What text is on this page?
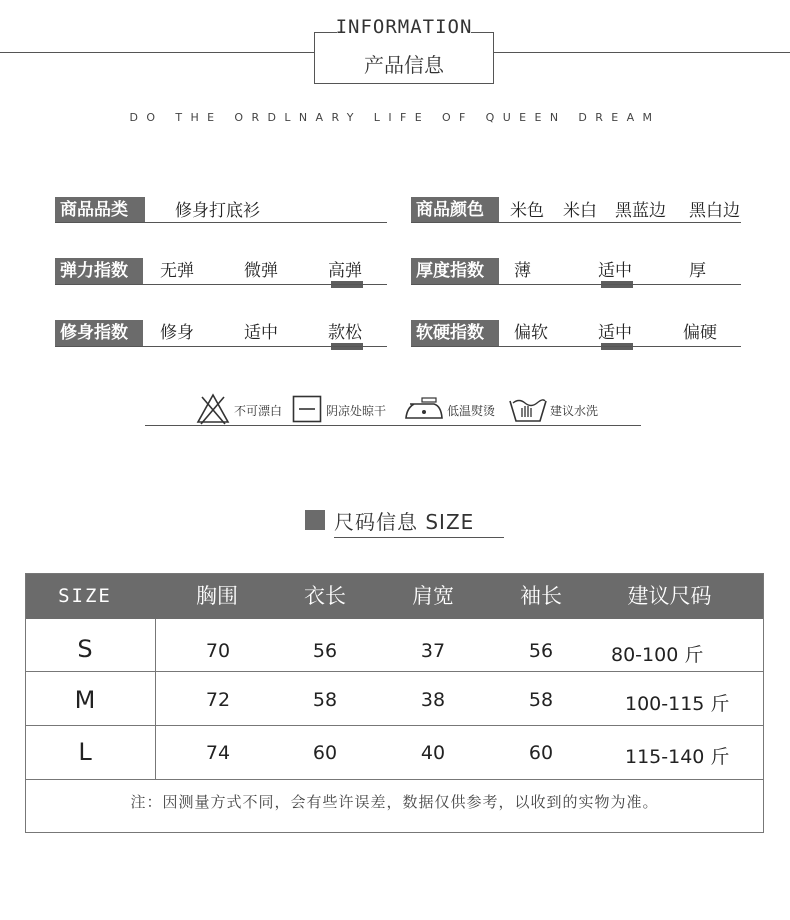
INFORMATION
产品信息
DO THE ORDLNARY LIFE OF QUEEN DREAM
商品品类	修身打底衫	商品颜色	米色 米白 黑蓝边 黑白边
弹力指数	无弹	微弹	高弹	厚度指数	薄	适中	厚
修身指数	修身	适中	款松	软硬指数	偏软	适中	偏硬
不可漂白	阴凉处晾干	低温熨烫	建议水洗
尺码信息 SIZE
SIZE	胸围	衣长	肩宽	袖长	建议尺码
S	70	56	37	56	80-100 斤
M	72	58	38	58	100-115 斤
L	74	60	40	60	115-140 斤
注：因测量方式不同，会有些许误差，数据仅供参考，以收到的实物为准。
